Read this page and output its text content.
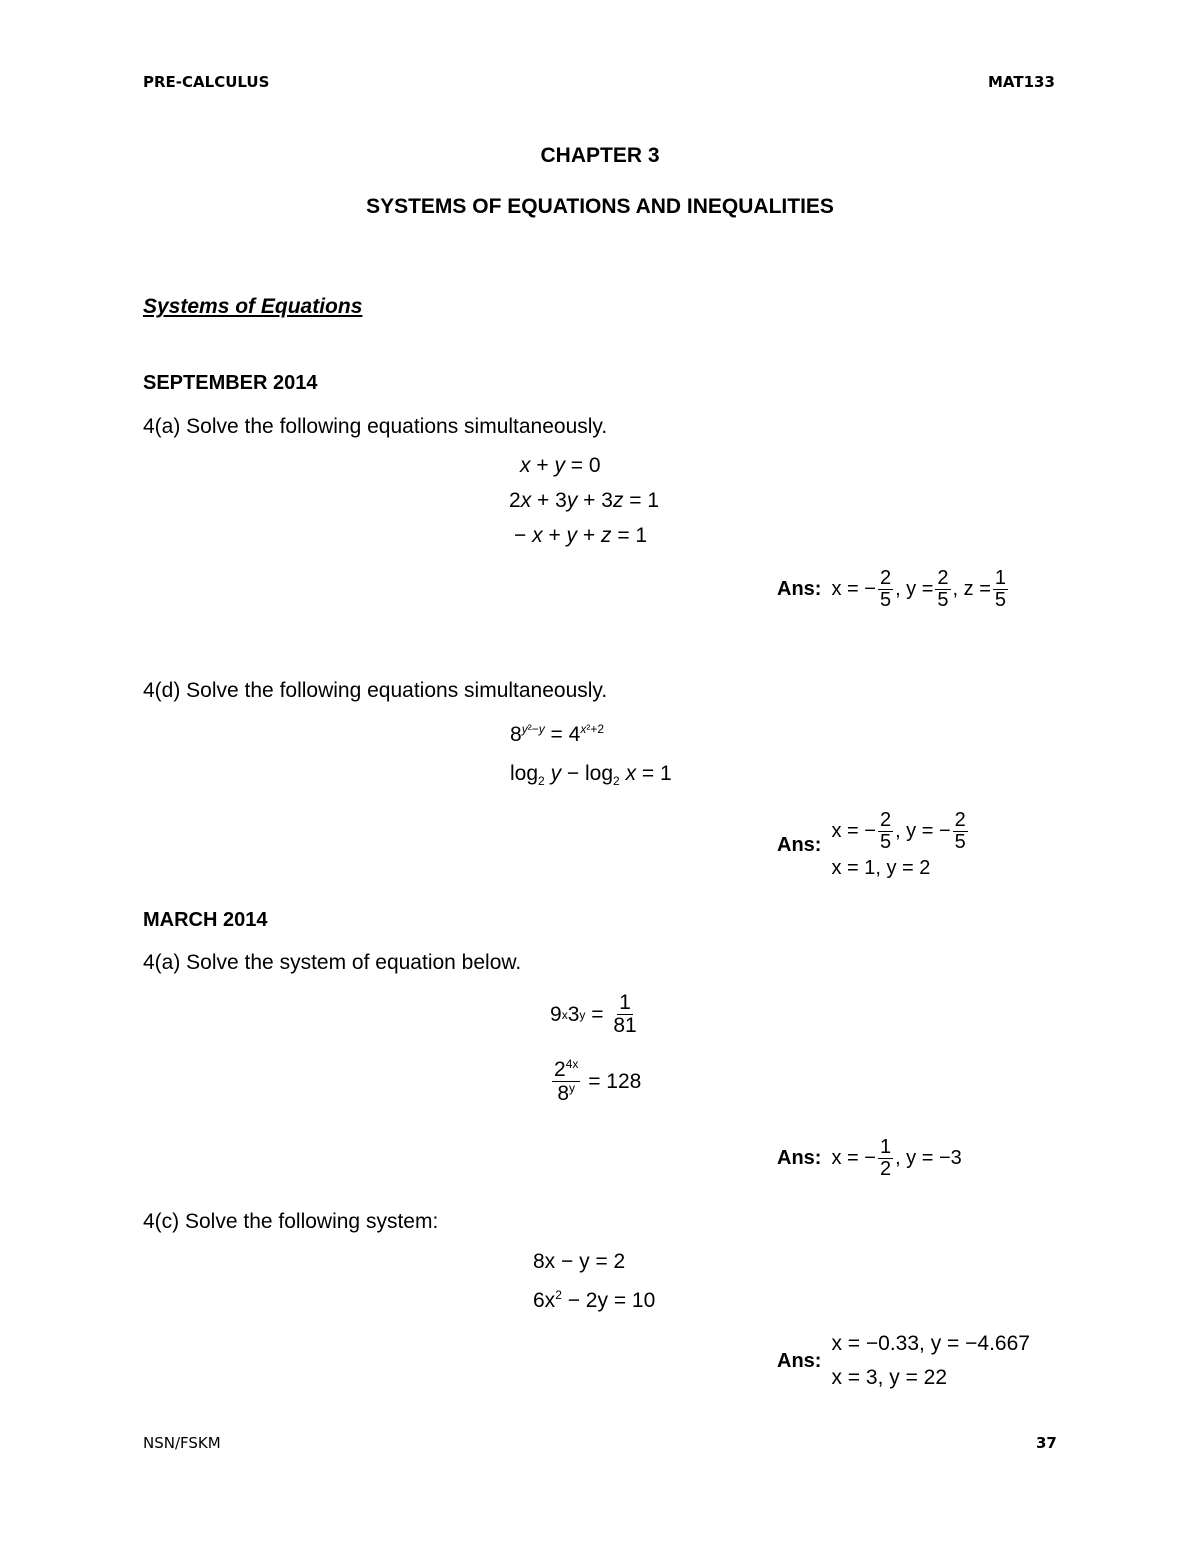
PRE-CALCULUS	MAT133
CHAPTER 3
SYSTEMS OF EQUATIONS AND INEQUALITIES
Systems of Equations
SEPTEMBER 2014
4(a) Solve the following equations simultaneously.
x + y = 0
2x + 3y + 3z = 1
− x + y + z = 1
Ans: x = − $\frac{2}{5}$ , $y = \frac{2}{5}$ , $z = \frac{1}{5}$
4(d) Solve the following equations simultaneously.
$8^{y^2-y} = 4^{x^2+2}$
$\log_2 y - \log_2 x = 1$
Ans:
x = − $\frac{2}{5}$ , y = − $\frac{2}{5}$
x = 1, y = 2
MARCH 2014
4(a) Solve the system of equation below.
9 x 3 $y = \frac{1}{81}$
$\frac{2^{4x}}{8^y} = 128$
Ans: x = − $\frac{1}{2}$ , y = −3
4(c) Solve the following system:
8x − y = 2
$6x^2 - 2y = 10$
Ans:
x = −0.33, y = −4.667
x = 3, y = 22
NSN/FSKM	37
